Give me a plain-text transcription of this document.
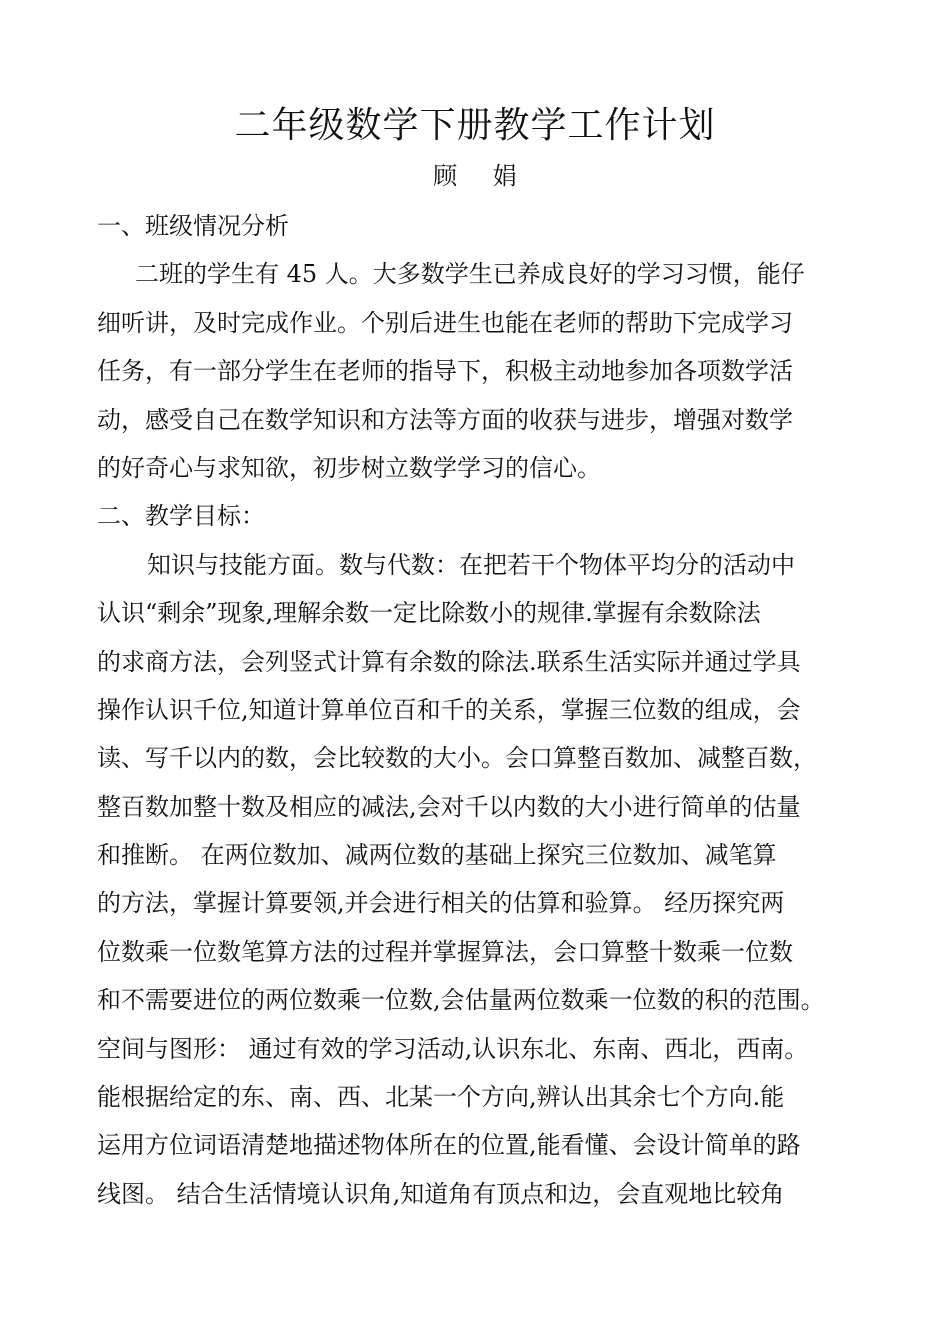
二年级数学下册教学工作计划
顾 娟
一、班级情况分析
二班的学生有 45 人。大多数学生已养成良好的学习习惯，能仔
细听讲，及时完成作业。个别后进生也能在老师的帮助下完成学习
任务，有一部分学生在老师的指导下，积极主动地参加各项数学活
动，感受自己在数学知识和方法等方面的收获与进步，增强对数学
的好奇心与求知欲，初步树立数学学习的信心。
二、教学目标：
知识与技能方面。数与代数：在把若干个物体平均分的活动中
认识“剩余”现象,理解余数一定比除数小的规律.掌握有余数除法
的求商方法，会列竖式计算有余数的除法.联系生活实际并通过学具
操作认识千位,知道计算单位百和千的关系，掌握三位数的组成，会
读、写千以内的数，会比较数的大小。会口算整百数加、减整百数，
整百数加整十数及相应的减法,会对千以内数的大小进行简单的估量
和推断。 在两位数加、减两位数的基础上探究三位数加、减笔算
的方法，掌握计算要领,并会进行相关的估算和验算。 经历探究两
位数乘一位数笔算方法的过程并掌握算法，会口算整十数乘一位数
和不需要进位的两位数乘一位数,会估量两位数乘一位数的积的范围。
空间与图形： 通过有效的学习活动,认识东北、东南、西北，西南。
能根据给定的东、南、西、北某一个方向,辨认出其余七个方向.能
运用方位词语清楚地描述物体所在的位置,能看懂、会设计简单的路
线图。 结合生活情境认识角,知道角有顶点和边，会直观地比较角
